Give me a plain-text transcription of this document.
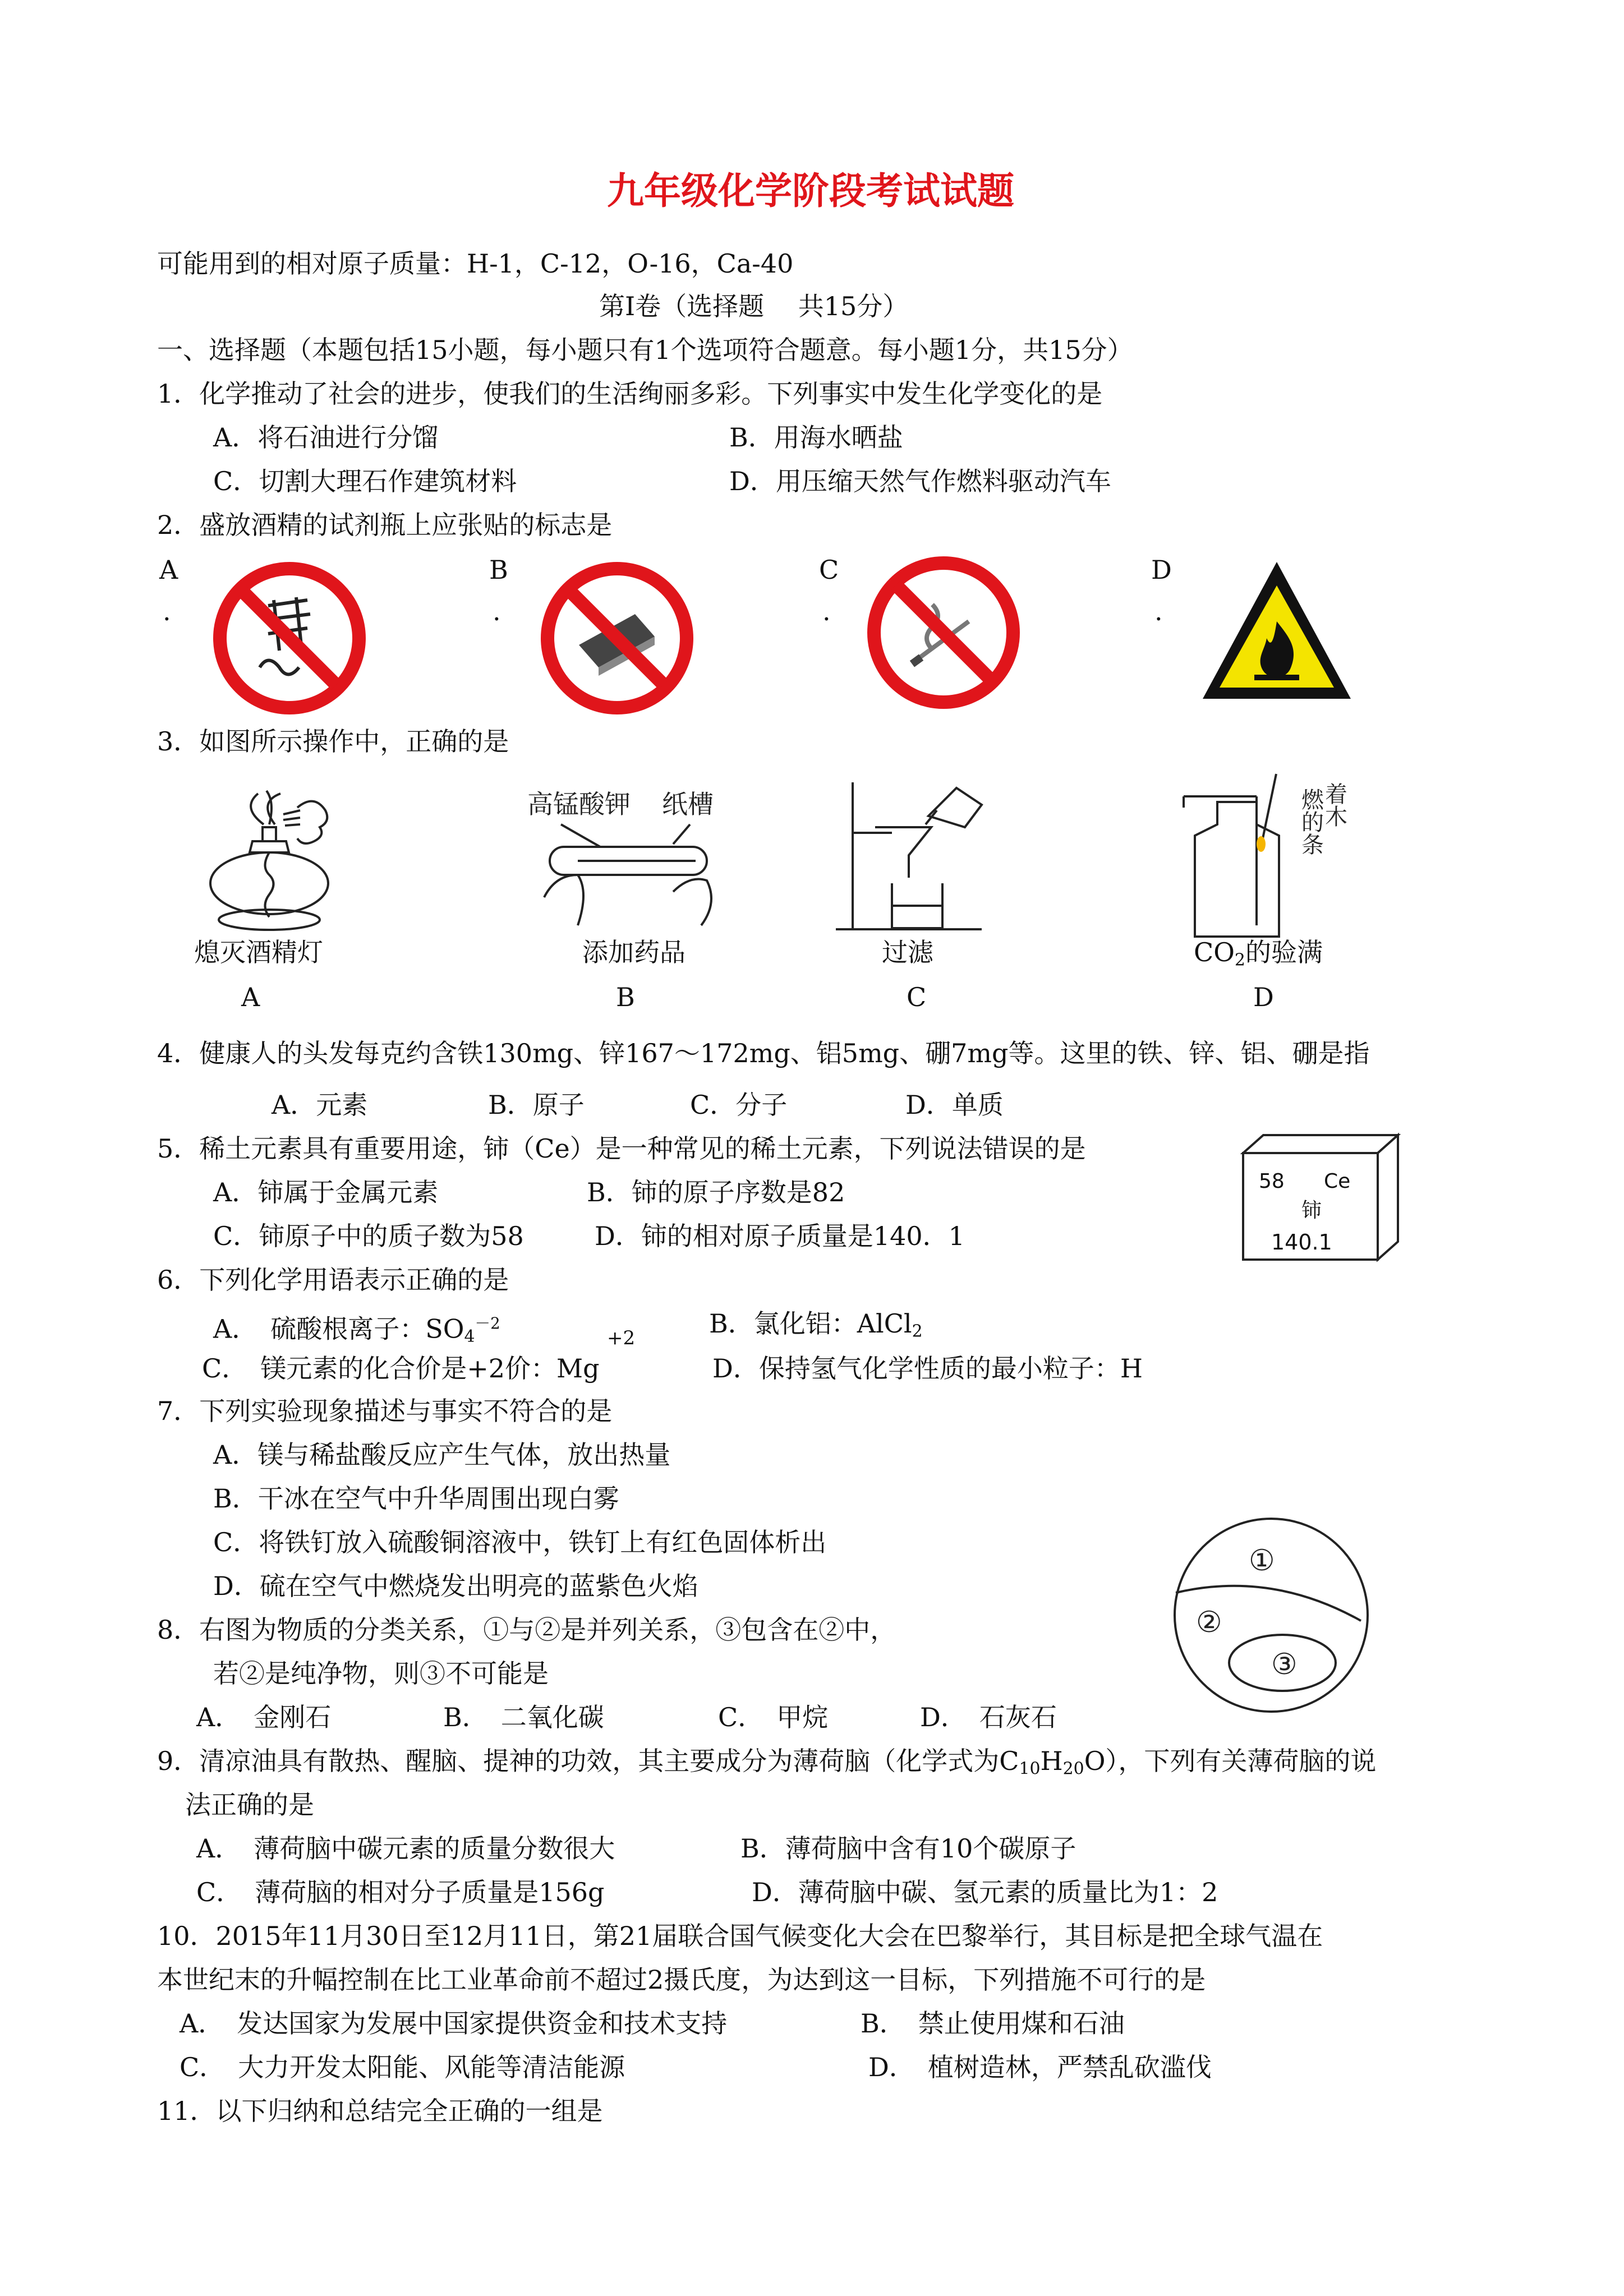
九年级化学阶段考试试题
可能用到的相对原子质量：H-1，C-12，O-16，Ca-40
第Ⅰ卷（选择题　 共15分）
一、选择题（本题包括15小题，每小题只有1个选项符合题意。每小题1分，共15分）
1．化学推动了社会的进步，使我们的生活绚丽多彩。下列事实中发生化学变化的是
A．将石油进行分馏	B．用海水晒盐
C．切割大理石作建筑材料	D．用压缩天然气作燃料驱动汽车
2．盛放酒精的试剂瓶上应张贴的标志是
A
.
B
.
C
.
D
.
3．如图所示操作中，正确的是
高锰酸钾 纸槽	燃 着
的 木
条
熄灭酒精灯	添加药品	过滤	$CO_2$的验满
A	B	C	D
4．健康人的头发每克约含铁130mg、锌167～172mg、铝5mg、硼7mg等。这里的铁、锌、铝、硼是指
A．元素	B．原子	C．分子	D．单质
5．稀土元素具有重要用途，铈（Ce）是一种常见的稀土元素，下列说法错误的是
A．铈属于金属元素	B．铈的原子序数是82
C．铈原子中的质子数为58	D．铈的相对原子质量是140．1
58 Ce
铈
140.1
6．下列化学用语表示正确的是
A．　硫酸根离子：$SO_4^{-2}$	B．氯化铝：AlCl$_2$
+2
C．　镁元素的化合价是+2价：Mg	D．保持氢气化学性质的最小粒子：H
7．下列实验现象描述与事实不符合的是
A．镁与稀盐酸反应产生气体，放出热量
B．干冰在空气中升华周围出现白雾
C．将铁钉放入硫酸铜溶液中，铁钉上有红色固体析出
D．硫在空气中燃烧发出明亮的蓝紫色火焰
①
②
③
8．右图为物质的分类关系，①与②是并列关系，③包含在②中，
若②是纯净物，则③不可能是
A．　金刚石	B．　二氧化碳	C．　甲烷	D．　石灰石
9．清凉油具有散热、醒脑、提神的功效，其主要成分为薄荷脑（化学式为$C_{10}H_{20}O$），下列有关薄荷脑的说
法正确的是
A．　薄荷脑中碳元素的质量分数很大	B．薄荷脑中含有10个碳原子
C．　薄荷脑的相对分子质量是156g	D．薄荷脑中碳、氢元素的质量比为1：2
10．2015年11月30日至12月11日，第21届联合国气候变化大会在巴黎举行，其目标是把全球气温在
本世纪末的升幅控制在比工业革命前不超过2摄氏度，为达到这一目标，下列措施不可行的是
A．　发达国家为发展中国家提供资金和技术支持	B．　禁止使用煤和石油
C．　大力开发太阳能、风能等清洁能源	D．　植树造林，严禁乱砍滥伐
11．以下归纳和总结完全正确的一组是
